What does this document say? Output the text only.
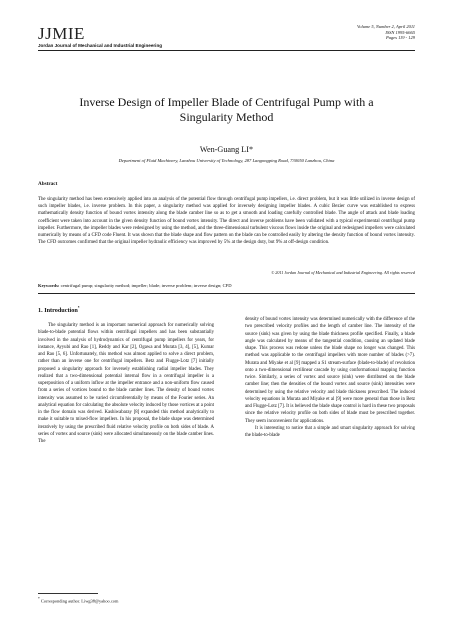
JJMIE
Jordan Journal of Mechanical and Industrial Engineering
Volume 5, Number 2, April 2011
ISSN 1995-6665
Pages 119 - 129
Inverse Design of Impeller Blade of Centrifugal Pump with a Singularity Method
Wen-Guang LI*
Department of Fluid Machinery, Lanzhou University of Technology, 287 Langongping Road, 730050 Lanzhou, China
Abstract
The singularity method has been extensively applied into an analysis of the potential flow through centrifugal pump impellers, i.e. direct problem, but it was little utilized in inverse design of such impeller blades, i.e. inverse problem. In this paper, a singularity method was applied for inversely designing impeller blades. A cubic Bezier curve was established to express mathematically density function of bound vortex intensity along the blade camber line so as to get a smooth and loading carefully controlled blade. The angle of attack and blade loading coefficient were taken into account in the given density function of bound vortex intensity. The direct and inverse problems have been validated with a typical experimental centrifugal pump impeller. Furthermore, the impeller blades were redesigned by using the method, and the three-dimensional turbulent viscous flows inside the original and redesigned impellers were calculated numerically by means of a CFD code Fluent. It was shown that the blade shape and flow pattern on the blade can be controlled easily by altering the density function of bound vortex intensity. The CFD outcomes confirmed that the original impeller hydraulic efficiency was improved by 5% at the design duty, but 9% at off-design condition.
© 2011 Jordan Journal of Mechanical and Industrial Engineering. All rights reserved
Keywords: centrifugal pump; singularity method; impeller; blade; inverse problem; inverse design; CFD
1. Introduction*

The singularity method is an important numerical approach for numerically solving blade-to-blade potential flows within centrifugal impellers and has been substantially involved in the analysis of hydrodynamics of centrifugal pump impellers for years, for instance, Ayyubi and Rao [1], Reddy and Kar [2], Ogawa and Murata [3, 4], [5], Kumar and Rao [5, 6]. Unfortunately, this method was almost applied to solve a direct problem, rather than an inverse one for centrifugal impellers. Betz and Flugge-Lotz [7] initially proposed a singularity approach for inversely establishing radial impeller blades. They realized that a two-dimensional potential internal flow in a centrifugal impeller is a superposition of a uniform inflow at the impeller entrance and a non-uniform flow caused from a series of vortices bound to the blade camber lines. The density of bound vortex intensity was assumed to be varied circumferentially by means of the Fourier series. An analytical equation for calculating the absolute velocity induced by those vortices at a point in the flow domain was derived. Kashiwabaray [8] expanded this method analytically to make it suitable to mixed-flow impellers. In his proposal, the blade shape was determined iteratively by using the prescribed fluid relative velocity profile on both sides of blade. A series of vortex and source (sink) were allocated simultaneously on the blade camber lines. The

density of bound vortex intensity was determined numerically with the difference of the two prescribed velocity profiles and the length of camber line. The intensity of the source (sink) was given by using the blade thickness profile specified. Finally, a blade angle was calculated by means of the tangential condition, causing an updated blade shape. This process was redone unless the blade shape no longer was changed. This method was applicable to the centrifugal impellers with more number of blades (>7). Murata and Miyake et al [9] mapped a S1 stream-surface (blade-to-blade) of revolution onto a two-dimensional rectilinear cascade by using conformational mapping function twice. Similarly, a series of vortex and source (sink) were distributed on the blade camber line; then the densities of the bound vortex and source (sink) intensities were determined by using the relative velocity and blade thickness prescribed. The induced velocity equations in Murata and Miyake et al [9] were more general than those in Betz and Flugge-Lotz [7]. It is believed the blade shape control is hard in these two proposals since the relative velocity profile on both sides of blade must be prescribed together. They seem inconvenient for applications.

It is interesting to notice that a simple and smart singularity approach for solving the blade-to-blade

* Corresponding author. Liwg38@yahoo.com
